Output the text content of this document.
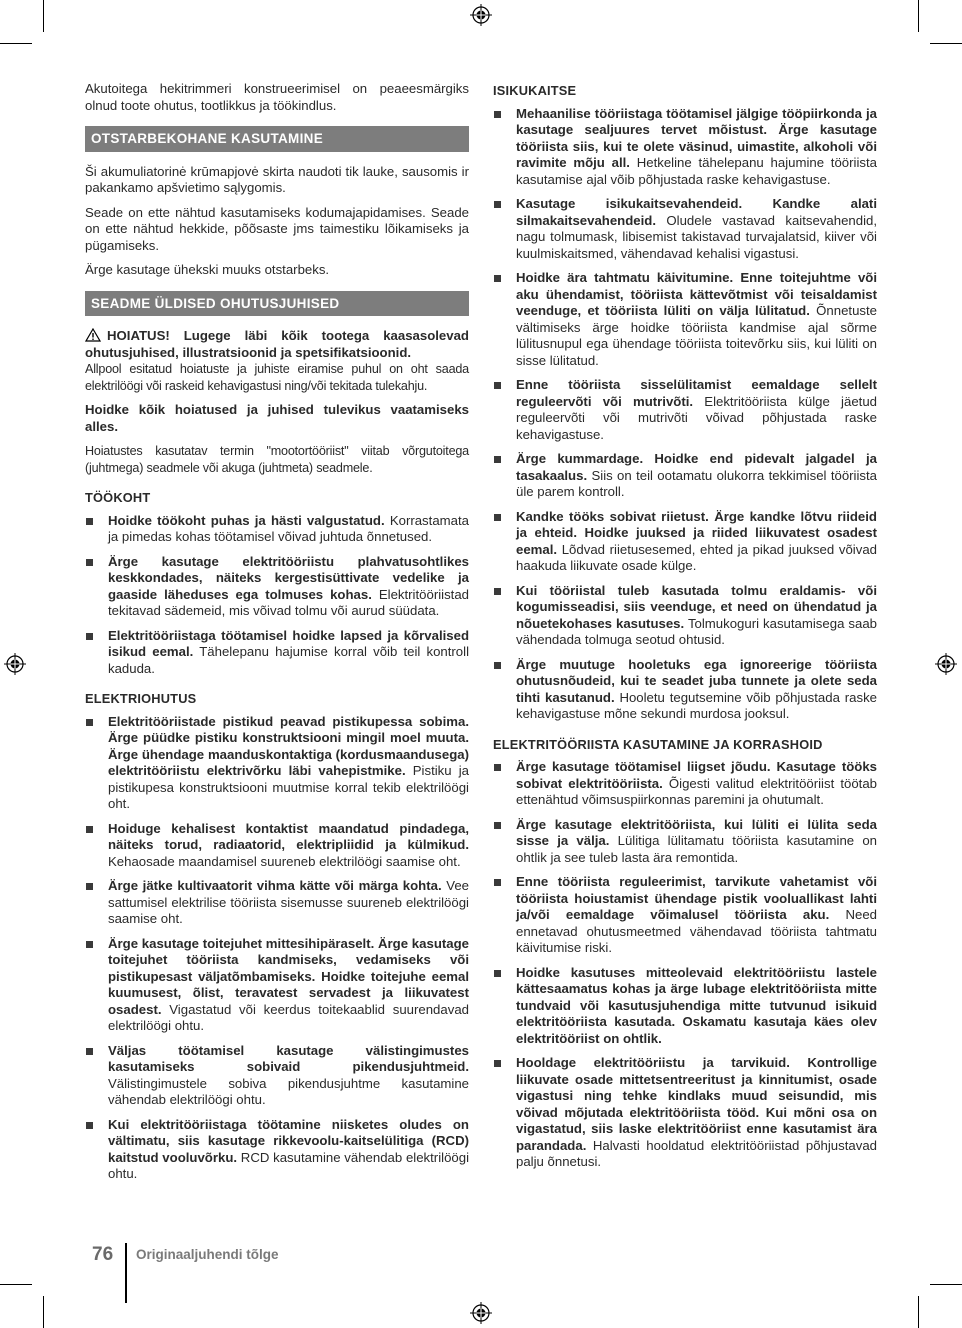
Akutoitega hekitrimmeri konstrueerimisel on peaeesmärgiks olnud toote ohutus, tootlikkus ja töökindlus.

OTSTARBEKOHANE KASUTAMINE

Ši akumuliatorinė krūmapjovė skirta naudoti tik lauke, sausomis ir pakankamo apšvietimo sąlygomis.

Seade on ette nähtud kasutamiseks kodumajapidamises. Seade on ette nähtud hekkide, põõsaste jms taimestiku lõikamiseks ja pügamiseks.

Ärge kasutage ühekski muuks otstarbeks.

SEADME ÜLDISED OHUTUSJUHISED

HOIATUS! Lugege läbi kõik tootega kaasasolevad ohutusjuhised, illustratsioonid ja spetsifikatsioonid.

Allpool esitatud hoiatuste ja juhiste eiramise puhul on oht saada elektrilöögi või raskeid kehavigastusi ning/või tekitada tulekahju.

Hoidke kõik hoiatused ja juhised tulevikus vaatamiseks alles.

Hoiatustes kasutatav termin "mootortööriist" viitab võrgutoitega (juhtmega) seadmele või akuga (juhtmeta) seadmele.

TÖÖKOHT
Hoidke töökoht puhas ja hästi valgustatud. Korrastamata ja pimedas kohas töötamisel võivad juhtuda õnnetused.
Ärge kasutage elektritööriistu plahvatusohtlikes keskkondades, näiteks kergestisüttivate vedelike ja gaaside läheduses ega tolmuses kohas. Elektritööriistad tekitavad sädemeid, mis võivad tolmu või aurud süüdata.
Elektritööriistaga töötamisel hoidke lapsed ja kõrvalised isikud eemal. Tähelepanu hajumise korral võib teil kontroll kaduda.
ELEKTRIOHUTUS
Elektritööriistade pistikud peavad pistikupessa sobima. Ärge püüdke pistiku konstruktsiooni mingil moel muuta. Ärge ühendage maanduskontaktiga (kordusmaandusega) elektritööriistu elektrivõrku läbi vahepistmike. Pistiku ja pistikupesa konstruktsiooni muutmise korral tekib elektrilöögi oht.
Hoiduge kehalisest kontaktist maandatud pindadega, näiteks torud, radiaatorid, elektripliidid ja külmikud. Kehaosade maandamisel suureneb elektrilöögi saamise oht.
Ärge jätke kultivaatorit vihma kätte või märga kohta. Vee sattumisel elektrilise tööriista sisemusse suureneb elektrilöögi saamise oht.
Ärge kasutage toitejuhet mittesihipäraselt. Ärge kasutage toitejuhet tööriista kandmiseks, vedamiseks või pistikupesast väljatõmbamiseks. Hoidke toitejuhe eemal kuumusest, õlist, teravatest servadest ja liikuvatest osadest. Vigastatud või keerdus toitekaablid suurendavad elektrilöögi ohtu.
Väljas töötamisel kasutage välistingimustes kasutamiseks sobivaid pikendusjuhtmeid. Välistingimustele sobiva pikendusjuhtme kasutamine vähendab elektrilöögi ohtu.
Kui elektritööriistaga töötamine niisketes oludes on vältimatu, siis kasutage rikkevoolu-kaitselülitiga (RCD) kaitstud vooluvõrku. RCD kasutamine vähendab elektrilöögi ohtu.
ISIKUKAITSE
Mehaanilise tööriistaga töötamisel jälgige tööpiirkonda ja kasutage sealjuures tervet mõistust. Ärge kasutage tööriista siis, kui te olete väsinud, uimastite, alkoholi või ravimite mõju all. Hetkeline tähelepanu hajumine tööriista kasutamise ajal võib põhjustada raske kehavigastuse.
Kasutage isikukaitsevahendeid. Kandke alati silmakaitsevahendeid. Oludele vastavad kaitsevahendid, nagu tolmumask, libisemist takistavad turvajalatsid, kiiver või kuulmiskaitsmed, vähendavad kehalisi vigastusi.
Hoidke ära tahtmatu käivitumine. Enne toitejuhtme või aku ühendamist, tööriista kättevõtmist või teisaldamist veenduge, et tööriista lüliti on välja lülitatud. Õnnetuste vältimiseks ärge hoidke tööriista kandmise ajal sõrme lülitusnupul ega ühendage tööriista toitevõrku siis, kui lüliti on sisse lülitatud.
Enne tööriista sisselülitamist eemaldage sellelt reguleervõti või mutrivõti. Elektritööriista külge jäetud reguleervõti või mutrivõti võivad põhjustada raske kehavigastuse.
Ärge kummardage. Hoidke end pidevalt jalgadel ja tasakaalus. Siis on teil ootamatu olukorra tekkimisel tööriista üle parem kontroll.
Kandke tööks sobivat riietust. Ärge kandke lõtvu riideid ja ehteid. Hoidke juuksed ja riided liikuvatest osadest eemal. Lõdvad riietusesemed, ehted ja pikad juuksed võivad haakuda liikuvate osade külge.
Kui tööriistal tuleb kasutada tolmu eraldamis- või kogumisseadisi, siis veenduge, et need on ühendatud ja nõuetekohases kasutuses. Tolmukoguri kasutamisega saab vähendada tolmuga seotud ohtusid.
Ärge muutuge hooletuks ega ignoreerige tööriista ohutusnõudeid, kui te seadet juba tunnete ja olete seda tihti kasutanud. Hooletu tegutsemine võib põhjustada raske kehavigastuse mõne sekundi murdosa jooksul.
ELEKTRITÖÖRIISTA KASUTAMINE JA KORRASHOID
Ärge kasutage töötamisel liigset jõudu. Kasutage tööks sobivat elektritööriista. Õigesti valitud elektritööriist töötab ettenähtud võimsuspiirkonnas paremini ja ohutumalt.
Ärge kasutage elektritööriista, kui lüliti ei lülita seda sisse ja välja. Lülitiga lülitamatu tööriista kasutamine on ohtlik ja see tuleb lasta ära remontida.
Enne tööriista reguleerimist, tarvikute vahetamist või tööriista hoiustamist ühendage pistik vooluallikast lahti ja/või eemaldage võimalusel tööriista aku. Need ennetavad ohutusmeetmed vähendavad tööriista tahtmatu käivitumise riski.
Hoidke kasutuses mitteolevaid elektritööriistu lastele kättesaamatus kohas ja ärge lubage elektritööriista mitte tundvaid või kasutusjuhendiga mitte tutvunud isikuid elektritööriista kasutada. Oskamatu kasutaja käes olev elektritööriist on ohtlik.
Hooldage elektritööriistu ja tarvikuid. Kontrollige liikuvate osade mittetsentreeritust ja kinnitumist, osade vigastusi ning tehke kindlaks muud seisundid, mis võivad mõjutada elektritööriista tööd. Kui mõni osa on vigastatud, siis laske elektritööriist enne kasutamist ära parandada. Halvasti hooldatud elektritööriistad põhjustavad palju õnnetusi.
76 Originaaljuhendi tõlge
